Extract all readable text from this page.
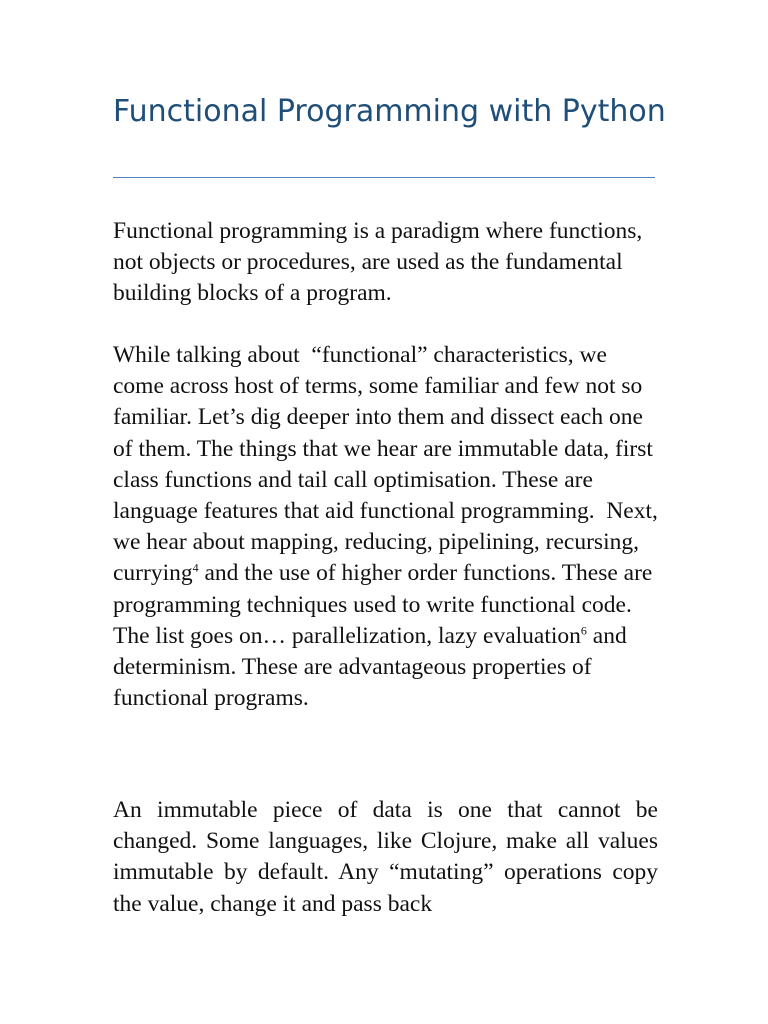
Functional Programming with Python

Functional programming is a paradigm where functions, not objects or procedures, are used as the fundamental building blocks of a program.

While talking about  “functional” characteristics, we come across host of terms, some familiar and few not so familiar. Let’s dig deeper into them and dissect each one of them. The things that we hear are immutable data, first class functions and tail call optimisation. These are language features that aid functional programming.  Next, we hear about mapping, reducing, pipelining, recursing, currying$^4$ and the use of higher order functions. These are programming techniques used to write functional code. The list goes on… parallelization, lazy evaluation$^6$ and determinism. These are advantageous properties of functional programs.

An immutable piece of data is one that cannot be changed. Some languages, like Clojure, make all values immutable by default. Any “mutating” operations copy the value, change it and pass back
